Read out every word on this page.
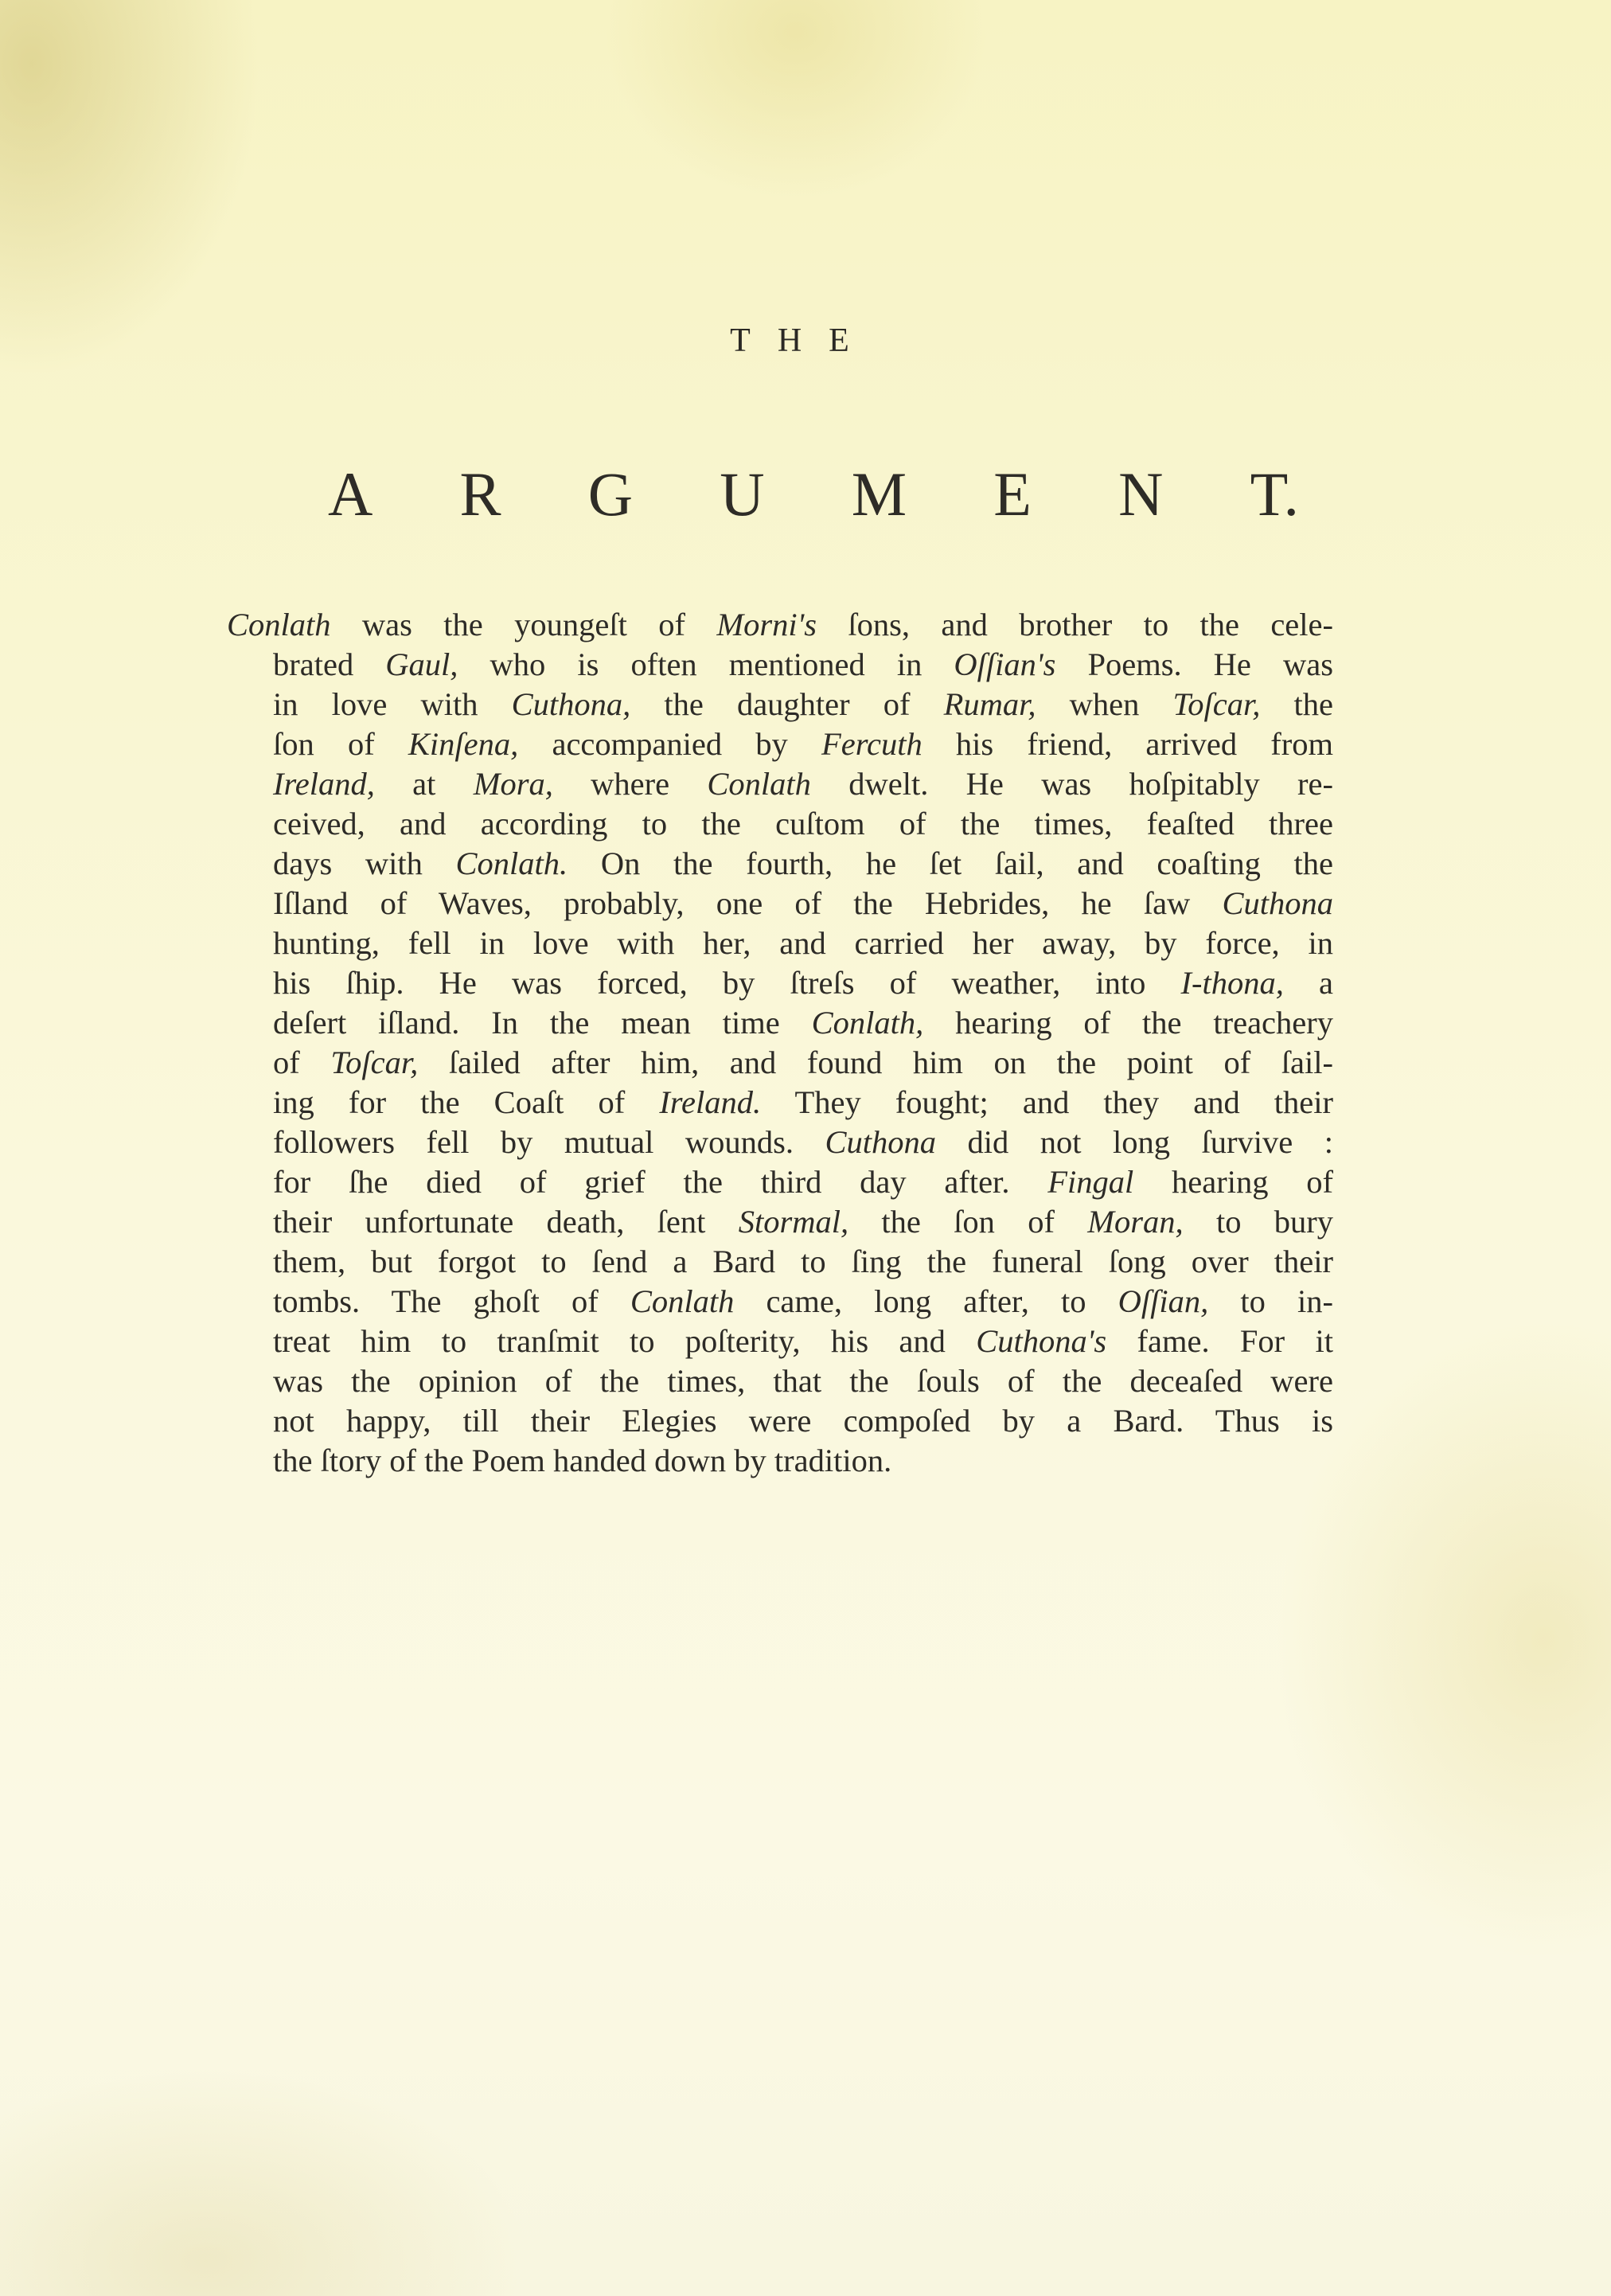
THE
A R G U M E N T.
Conlath was the youngeſt of Morni's ſons, and brother to the cele-
brated Gaul, who is often mentioned in Oſſian's Poems. He was
in love with Cuthona, the daughter of Rumar, when Toſcar, the
ſon of Kinſena, accompanied by Fercuth his friend, arrived from
Ireland, at Mora, where Conlath dwelt. He was hoſpitably re-
ceived, and according to the cuſtom of the times, feaſted three
days with Conlath. On the fourth, he ſet ſail, and coaſting the
Iſland of Waves, probably, one of the Hebrides, he ſaw Cuthona
hunting, fell in love with her, and carried her away, by force, in
his ſhip. He was forced, by ſtreſs of weather, into I-thona, a
deſert iſland. In the mean time Conlath, hearing of the treachery
of Toſcar, ſailed after him, and found him on the point of ſail-
ing for the Coaſt of Ireland. They fought; and they and their
followers fell by mutual wounds. Cuthona did not long ſurvive :
for ſhe died of grief the third day after. Fingal hearing of
their unfortunate death, ſent Stormal, the ſon of Moran, to bury
them, but forgot to ſend a Bard to ſing the funeral ſong over their
tombs. The ghoſt of Conlath came, long after, to Oſſian, to in-
treat him to tranſmit to poſterity, his and Cuthona's fame. For it
was the opinion of the times, that the ſouls of the deceaſed were
not happy, till their Elegies were compoſed by a Bard. Thus is
the ſtory of the Poem handed down by tradition.
